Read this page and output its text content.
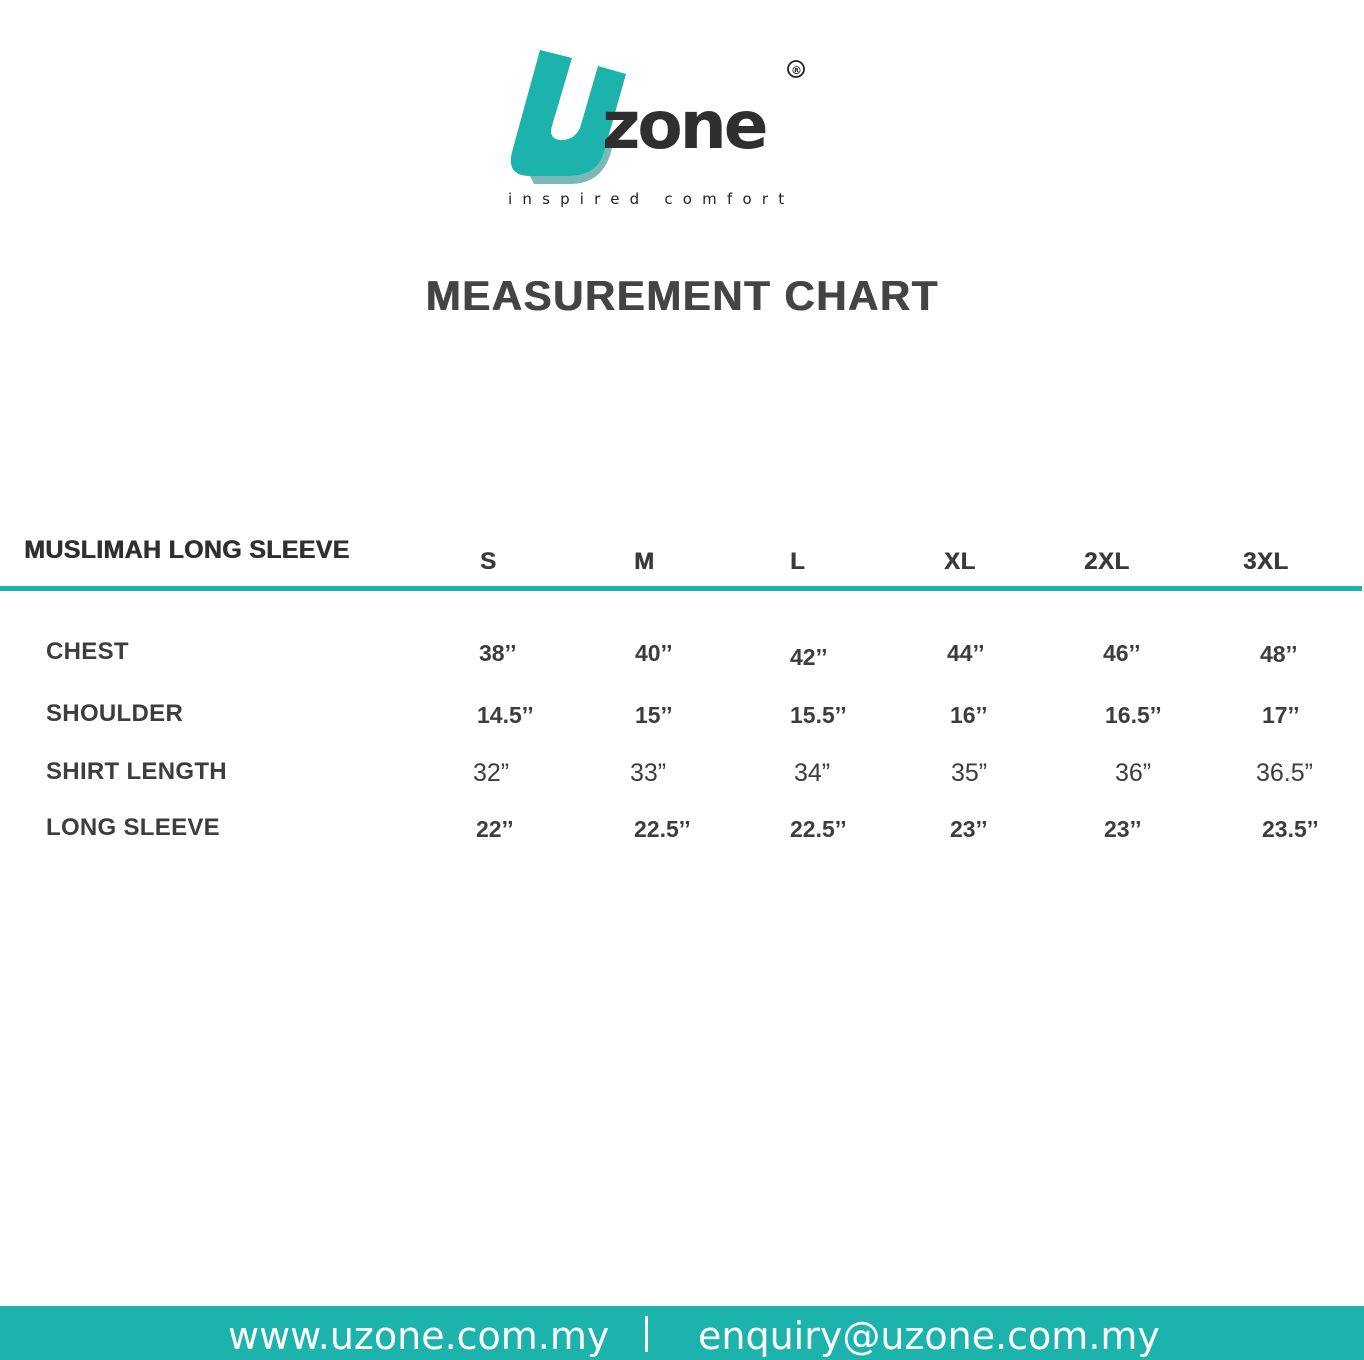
zone
®
inspired comfort
MEASUREMENT CHART
MUSLIMAH LONG SLEEVE	S	M	L	XL	2XL	3XL
CHEST	38’’	40’’	42’’	44’’	46’’	48’’
SHOULDER	14.5’’	15’’	15.5’’	16’’	16.5’’	17’’
SHIRT LENGTH	32”	33”	34”	35”	36”	36.5”
LONG SLEEVE	22’’	22.5’’	22.5’’	23’’	23’’	23.5’’
www.uzone.com.my enquiry@uzone.com.my
